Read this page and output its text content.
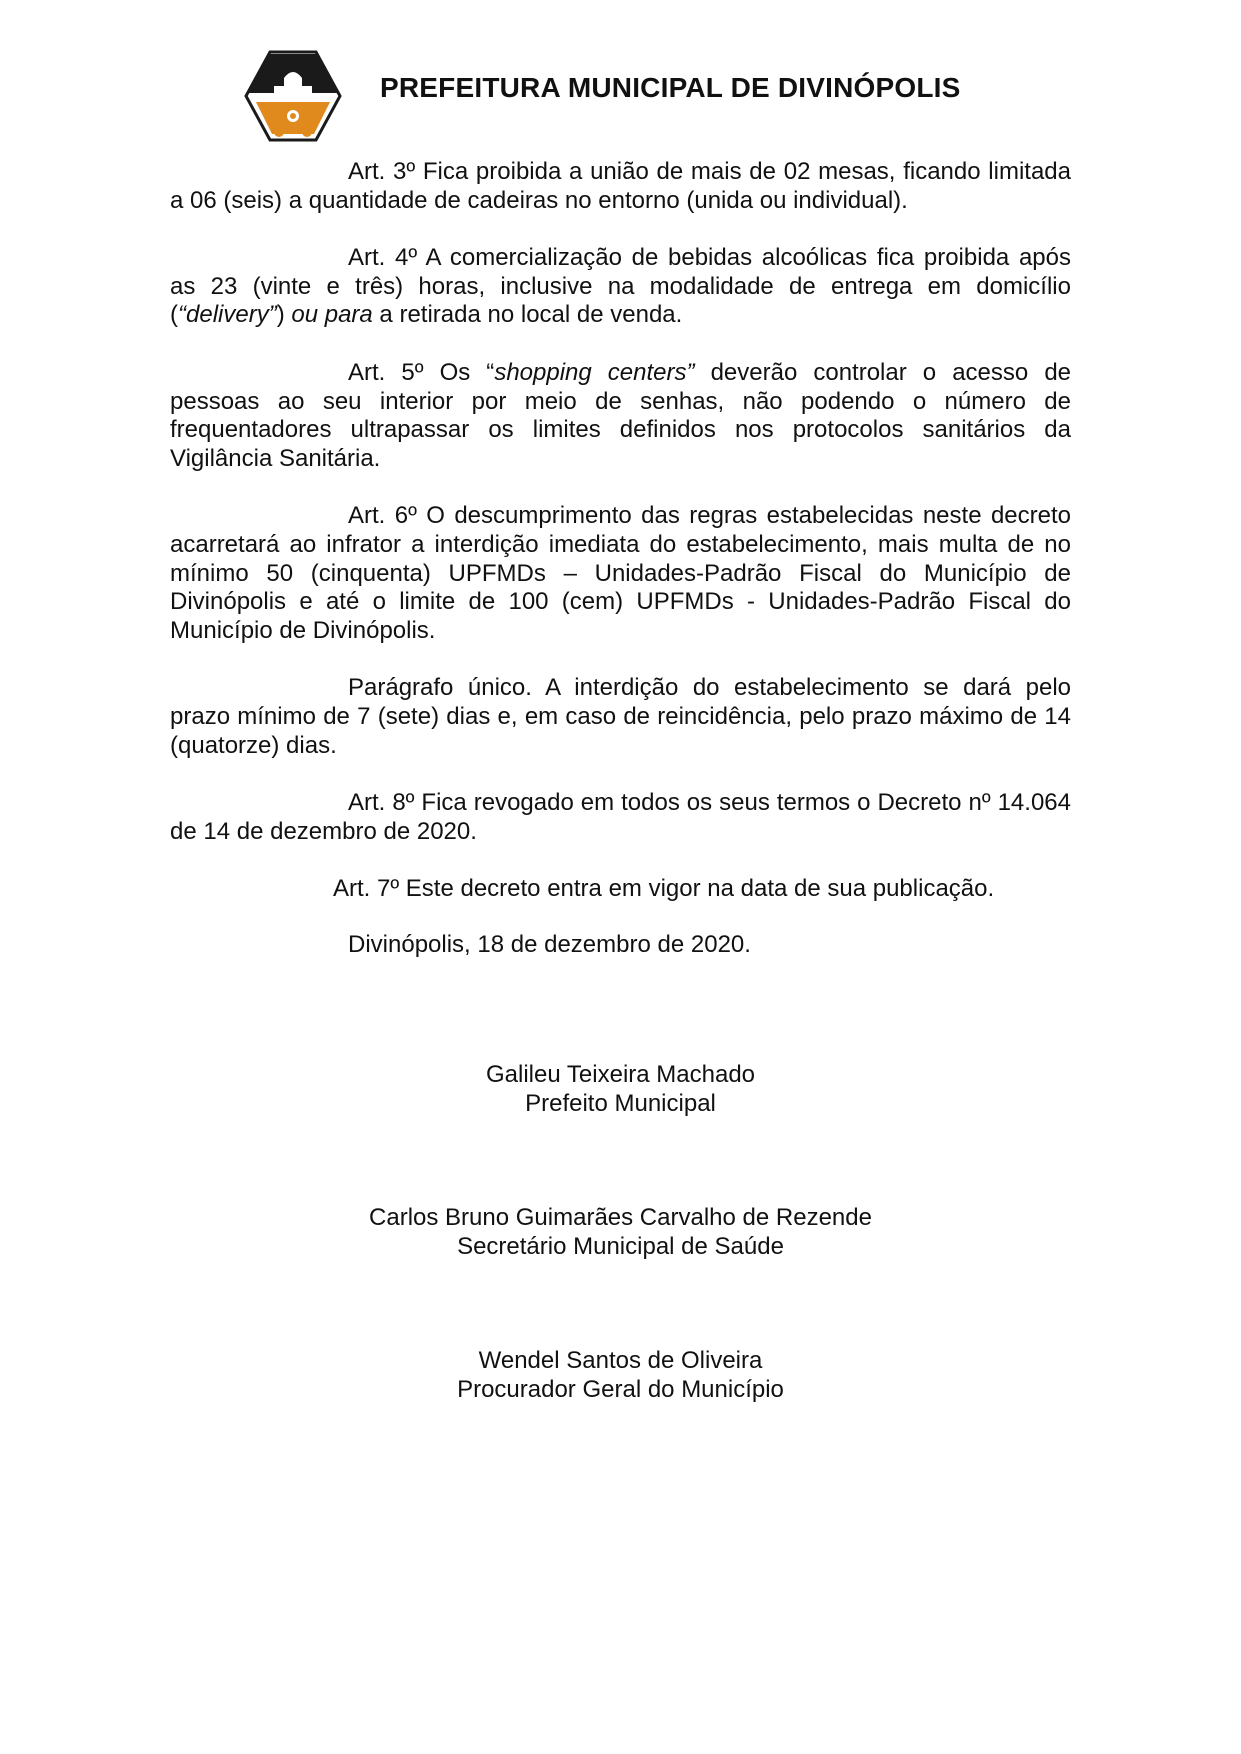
PREFEITURA MUNICIPAL DE DIVINÓPOLIS

Art. 3º Fica proibida a união de mais de 02 mesas, ficando limitada a 06 (seis) a quantidade de cadeiras no entorno (unida ou individual).

Art. 4º A comercialização de bebidas alcoólicas fica proibida após as 23 (vinte e três) horas, inclusive na modalidade de entrega em domicílio (“delivery”) ou para a retirada no local de venda.

Art. 5º Os “shopping centers” deverão controlar o acesso de pessoas ao seu interior por meio de senhas, não podendo o número de frequentadores ultrapassar os limites definidos nos protocolos sanitários da Vigilância Sanitária.

Art. 6º O descumprimento das regras estabelecidas neste decreto acarretará ao infrator a interdição imediata do estabelecimento, mais multa de no mínimo 50 (cinquenta) UPFMDs – Unidades-Padrão Fiscal do Município de Divinópolis e até o limite de 100 (cem) UPFMDs - Unidades-Padrão Fiscal do Município de Divinópolis.

Parágrafo único. A interdição do estabelecimento se dará pelo prazo mínimo de 7 (sete) dias e, em caso de reincidência, pelo prazo máximo de 14 (quatorze) dias.

Art. 8º Fica revogado em todos os seus termos o Decreto nº 14.064 de 14 de dezembro de 2020.

Art. 7º Este decreto entra em vigor na data de sua publicação.

Divinópolis, 18 de dezembro de 2020.

Galileu Teixeira Machado
Prefeito Municipal
Carlos Bruno Guimarães Carvalho de Rezende
Secretário Municipal de Saúde
Wendel Santos de Oliveira
Procurador Geral do Município
